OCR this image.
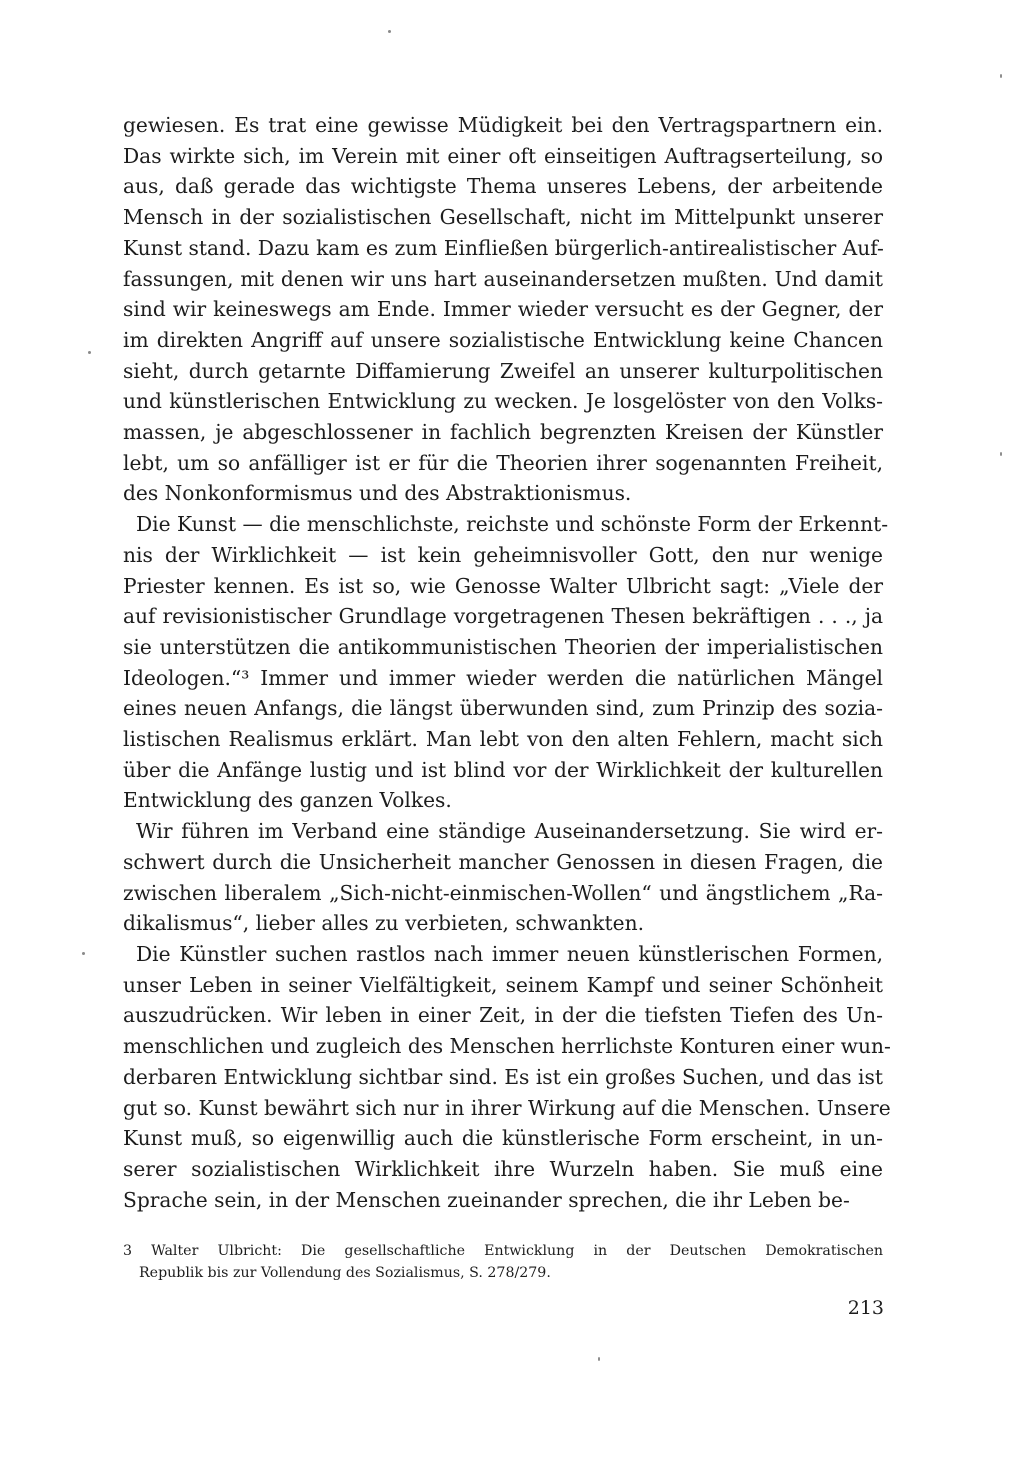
gewiesen. Es trat eine gewisse Müdigkeit bei den Vertragspartnern ein.
Das wirkte sich, im Verein mit einer oft einseitigen Auftragserteilung, so
aus, daß gerade das wichtigste Thema unseres Lebens, der arbeitende
Mensch in der sozialistischen Gesellschaft, nicht im Mittelpunkt unserer
Kunst stand. Dazu kam es zum Einfließen bürgerlich-antirealistischer Auf-
fassungen, mit denen wir uns hart auseinandersetzen mußten. Und damit
sind wir keineswegs am Ende. Immer wieder versucht es der Gegner, der
im direkten Angriff auf unsere sozialistische Entwicklung keine Chancen
sieht, durch getarnte Diffamierung Zweifel an unserer kulturpolitischen
und künstlerischen Entwicklung zu wecken. Je losgelöster von den Volks-
massen, je abgeschlossener in fachlich begrenzten Kreisen der Künstler
lebt, um so anfälliger ist er für die Theorien ihrer sogenannten Freiheit,
des Nonkonformismus und des Abstraktionismus.
Die Kunst — die menschlichste, reichste und schönste Form der Erkennt-
nis der Wirklichkeit — ist kein geheimnisvoller Gott, den nur wenige
Priester kennen. Es ist so, wie Genosse Walter Ulbricht sagt: „Viele der
auf revisionistischer Grundlage vorgetragenen Thesen bekräftigen . . ., ja
sie unterstützen die antikommunistischen Theorien der imperialistischen
Ideologen.“³ Immer und immer wieder werden die natürlichen Mängel
eines neuen Anfangs, die längst überwunden sind, zum Prinzip des sozia-
listischen Realismus erklärt. Man lebt von den alten Fehlern, macht sich
über die Anfänge lustig und ist blind vor der Wirklichkeit der kulturellen
Entwicklung des ganzen Volkes.
Wir führen im Verband eine ständige Auseinandersetzung. Sie wird er-
schwert durch die Unsicherheit mancher Genossen in diesen Fragen, die
zwischen liberalem „Sich-nicht-einmischen-Wollen“ und ängstlichem „Ra-
dikalismus“, lieber alles zu verbieten, schwankten.
Die Künstler suchen rastlos nach immer neuen künstlerischen Formen,
unser Leben in seiner Vielfältigkeit, seinem Kampf und seiner Schönheit
auszudrücken. Wir leben in einer Zeit, in der die tiefsten Tiefen des Un-
menschlichen und zugleich des Menschen herrlichste Konturen einer wun-
derbaren Entwicklung sichtbar sind. Es ist ein großes Suchen, und das ist
gut so. Kunst bewährt sich nur in ihrer Wirkung auf die Menschen. Unsere
Kunst muß, so eigenwillig auch die künstlerische Form erscheint, in un-
serer sozialistischen Wirklichkeit ihre Wurzeln haben. Sie muß eine
Sprache sein, in der Menschen zueinander sprechen, die ihr Leben be-
3 Walter Ulbricht: Die gesellschaftliche Entwicklung in der Deutschen Demokratischen
Republik bis zur Vollendung des Sozialismus, S. 278/279.
213
